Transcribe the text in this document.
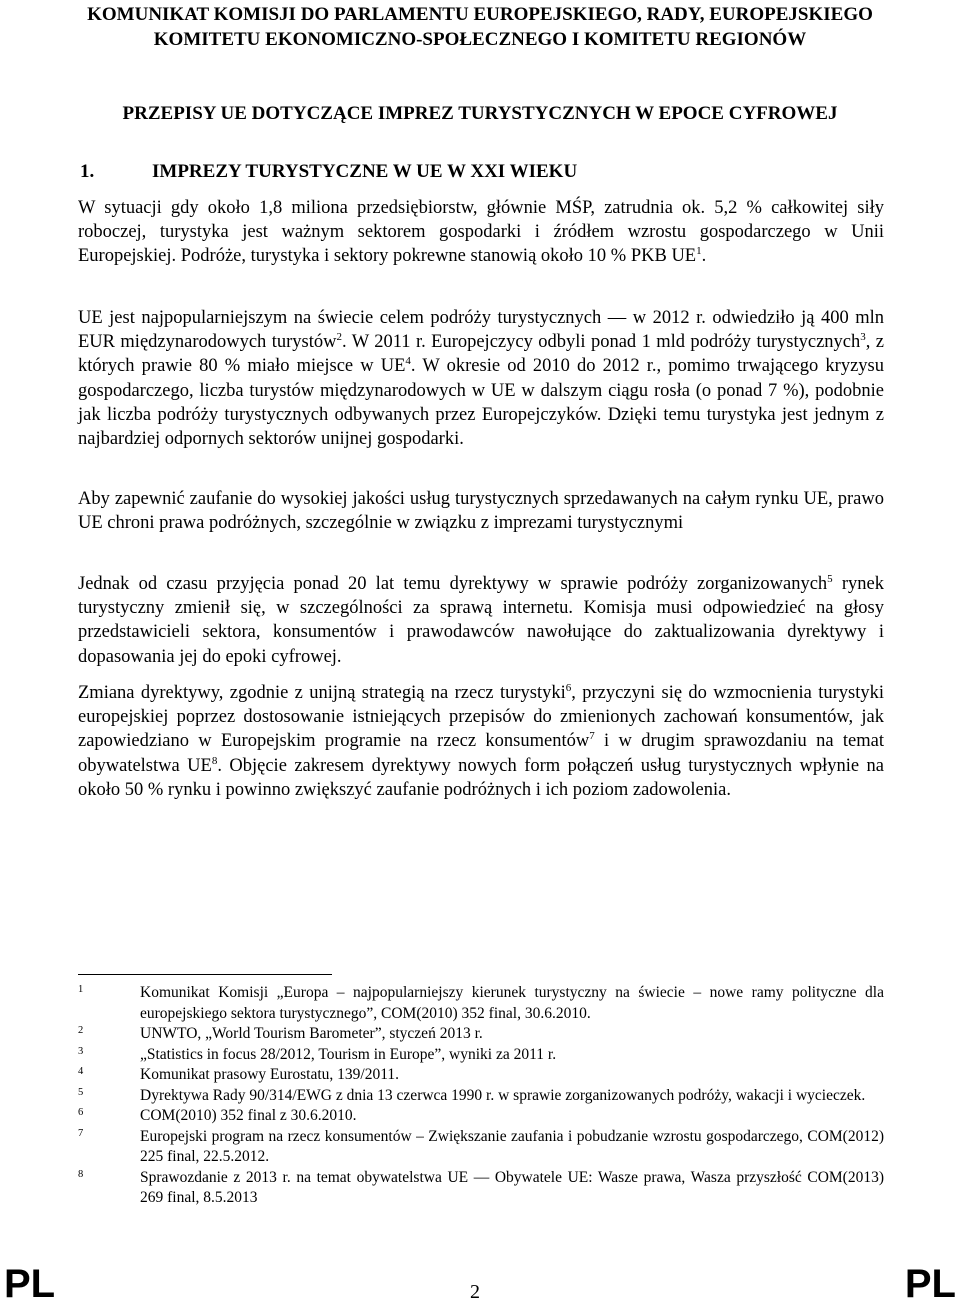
KOMUNIKAT KOMISJI DO PARLAMENTU EUROPEJSKIEGO, RADY, EUROPEJSKIEGO KOMITETU EKONOMICZNO-SPOŁECZNEGO I KOMITETU REGIONÓW
PRZEPISY UE DOTYCZĄCE IMPREZ TURYSTYCZNYCH W EPOCE CYFROWEJ
1.	IMPREZY TURYSTYCZNE W UE W XXI WIEKU

W sytuacji gdy około 1,8 miliona przedsiębiorstw, głównie MŚP, zatrudnia ok. 5,2 % całkowitej siły roboczej, turystyka jest ważnym sektorem gospodarki i źródłem wzrostu gospodarczego w Unii Europejskiej. Podróże, turystyka i sektory pokrewne stanowią około 10 % PKB $UE^1$.

UE jest najpopularniejszym na świecie celem podróży turystycznych — w 2012 r. odwiedziło ją 400 mln EUR międzynarodowych turystów$^2$. W 2011 r. Europejczycy odbyli ponad 1 mld podróży turystycznych$^3$, z których prawie 80 % miało miejsce w $UE^4$. W okresie od 2010 do 2012 r., pomimo trwającego kryzysu gospodarczego, liczba turystów międzynarodowych w UE w dalszym ciągu rosła (o ponad 7 %), podobnie jak liczba podróży turystycznych odbywanych przez Europejczyków. Dzięki temu turystyka jest jednym z najbardziej odpornych sektorów unijnej gospodarki.

Aby zapewnić zaufanie do wysokiej jakości usług turystycznych sprzedawanych na całym rynku UE, prawo UE chroni prawa podróżnych, szczególnie w związku z imprezami turystycznymi

Jednak od czasu przyjęcia ponad 20 lat temu dyrektywy w sprawie podróży zorganizowanych$^5$ rynek turystyczny zmienił się, w szczególności za sprawą internetu. Komisja musi odpowiedzieć na głosy przedstawicieli sektora, konsumentów i prawodawców nawołujące do zaktualizowania dyrektywy i dopasowania jej do epoki cyfrowej.

Zmiana dyrektywy, zgodnie z unijną strategią na rzecz turystyki$^6$, przyczyni się do wzmocnienia turystyki europejskiej poprzez dostosowanie istniejących przepisów do zmienionych zachowań konsumentów, jak zapowiedziano w Europejskim programie na rzecz konsumentów$^7$ i w drugim sprawozdaniu na temat obywatelstwa $UE^8$. Objęcie zakresem dyrektywy nowych form połączeń usług turystycznych wpłynie na około 50 % rynku i powinno zwiększyć zaufanie podróżnych i ich poziom zadowolenia.

1	Komunikat Komisji „Europa – najpopularniejszy kierunek turystyczny na świecie – nowe ramy polityczne dla europejskiego sektora turystycznego”, COM(2010) 352 final, 30.6.2010.
2	UNWTO, „World Tourism Barometer”, styczeń 2013 r.
3	„Statistics in focus 28/2012, Tourism in Europe”, wyniki za 2011 r.
4	Komunikat prasowy Eurostatu, 139/2011.
5	Dyrektywa Rady 90/314/EWG z dnia 13 czerwca 1990 r. w sprawie zorganizowanych podróży, wakacji i wycieczek.
6	COM(2010) 352 final z 30.6.2010.
7	Europejski program na rzecz konsumentów – Zwiększanie zaufania i pobudzanie wzrostu gospodarczego, COM(2012) 225 final, 22.5.2012.
8	Sprawozdanie z 2013 r. na temat obywatelstwa UE — Obywatele UE: Wasze prawa, Wasza przyszłość COM(2013) 269 final, 8.5.2013
PL	2	PL
